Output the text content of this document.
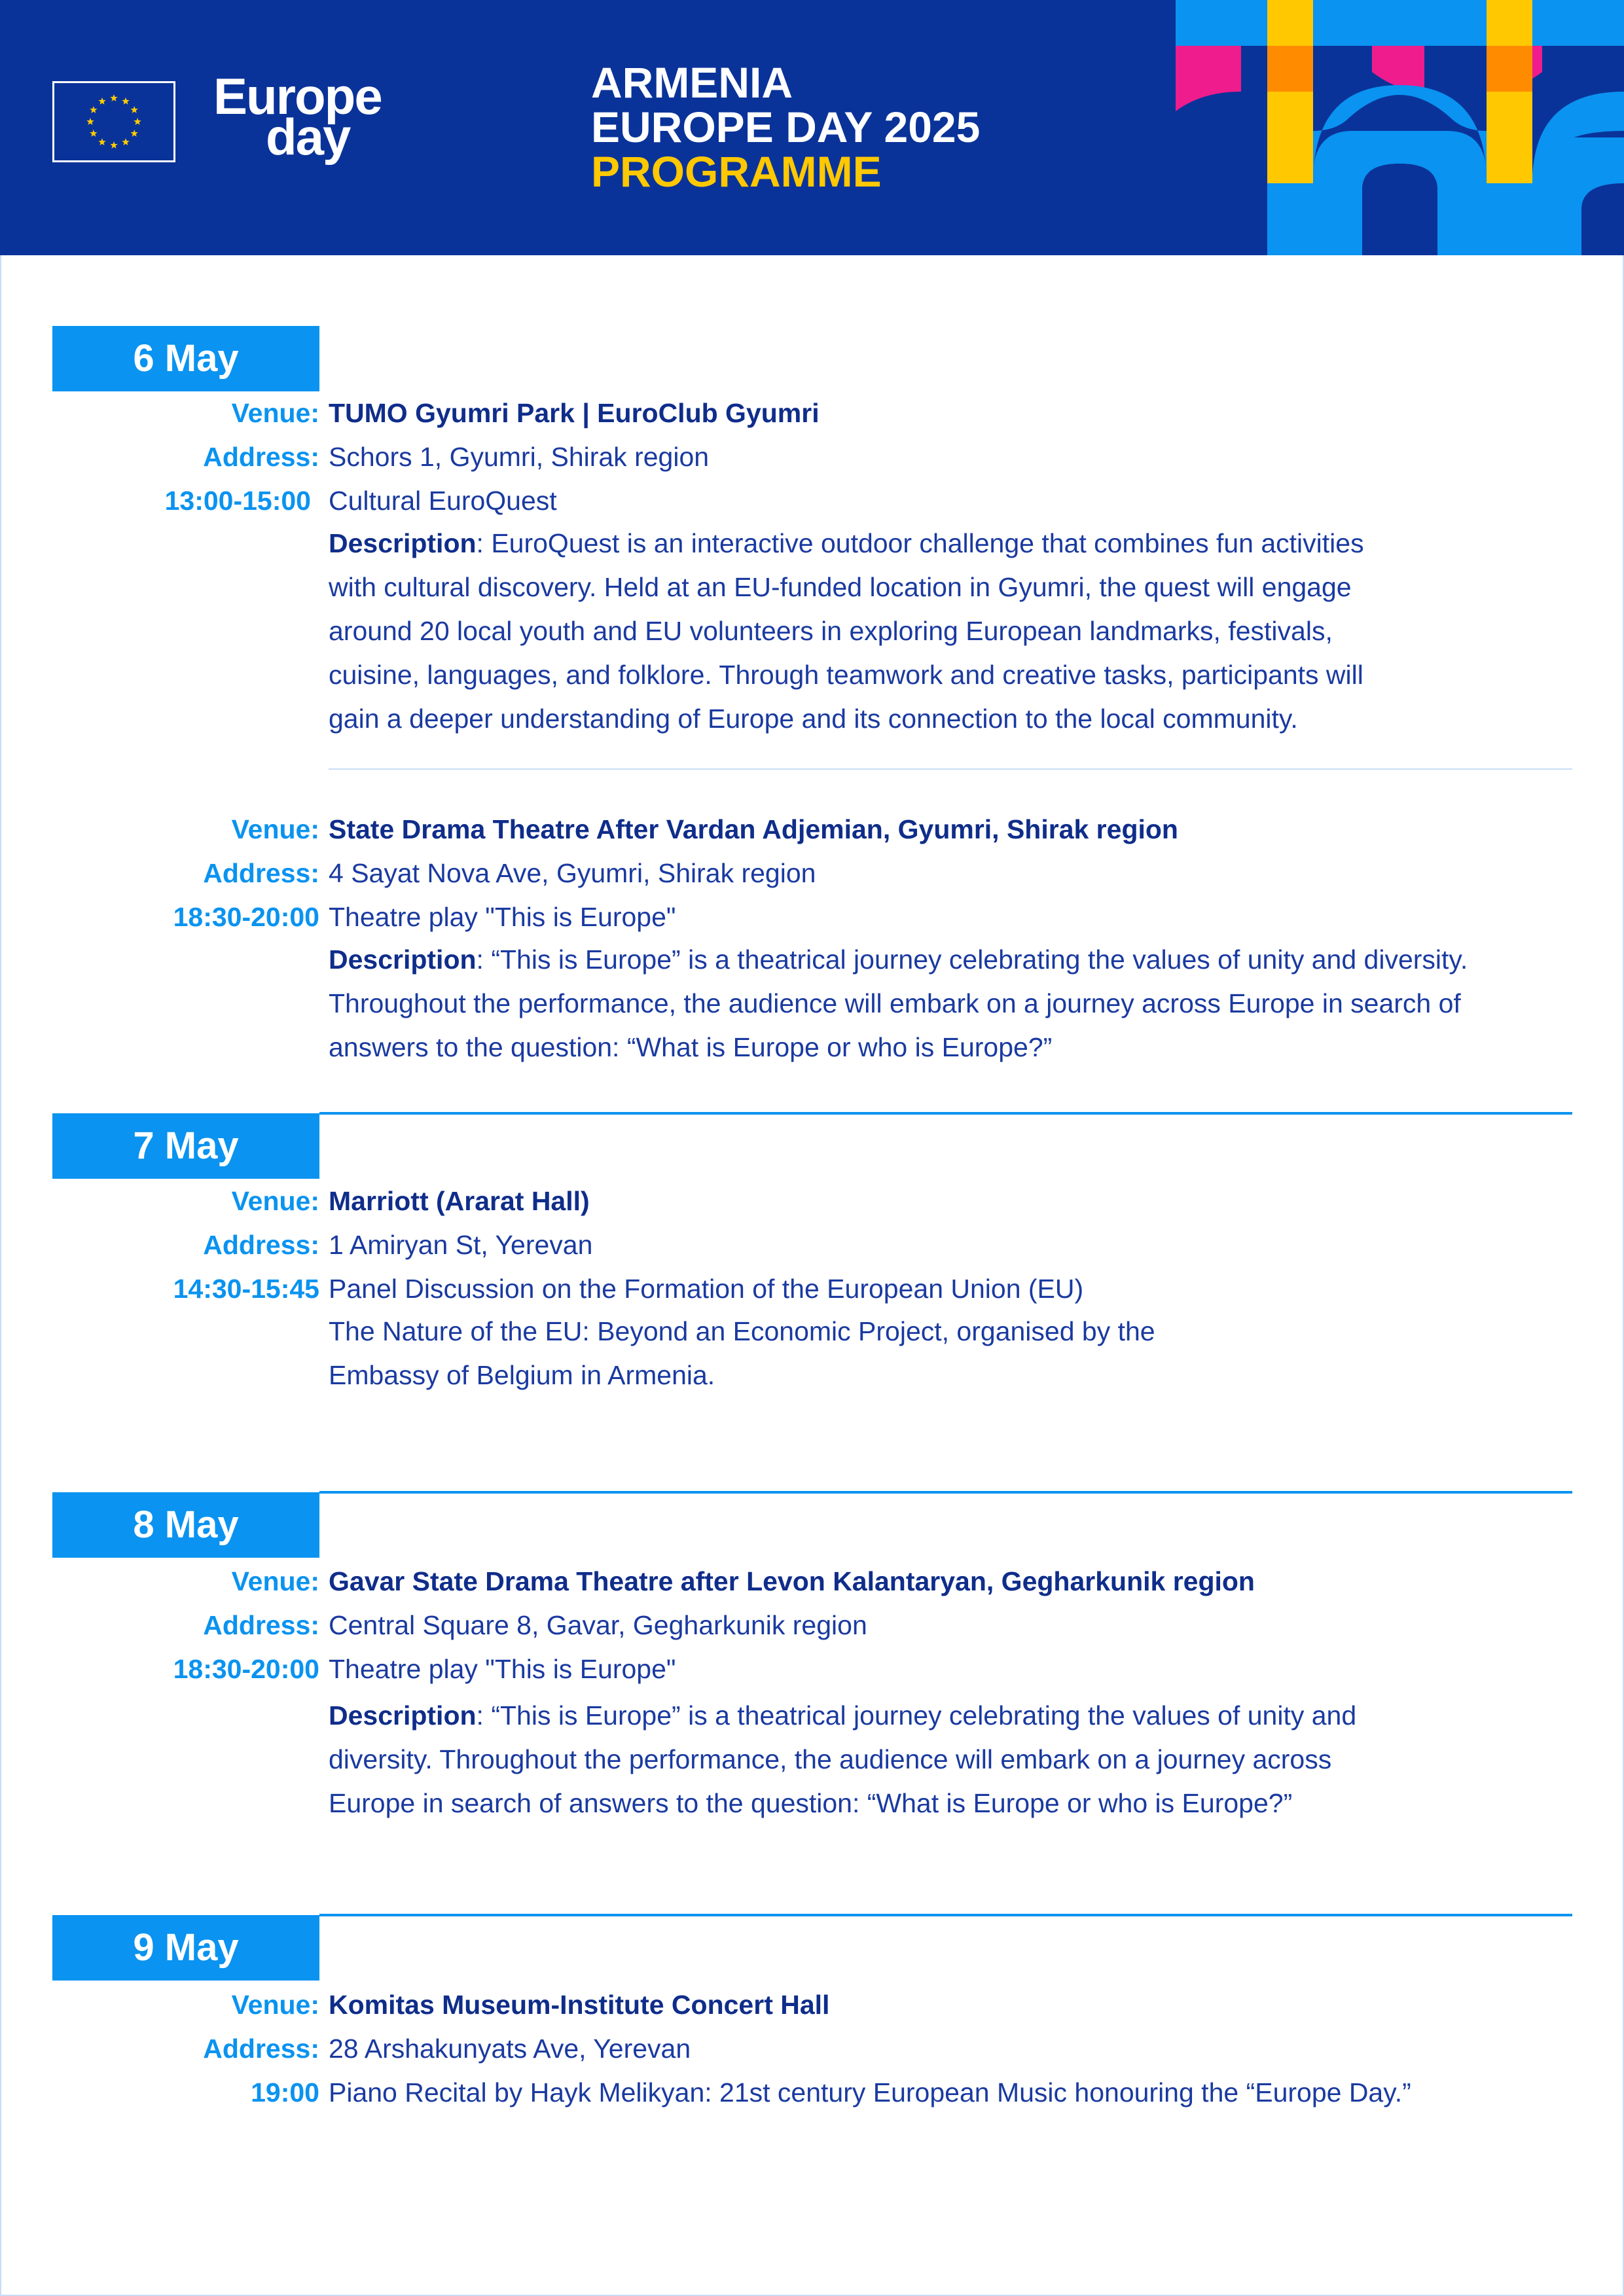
Europe
day
ARMENIA
EUROPE DAY 2025
PROGRAMME
6 May
Venue: TUMO Gyumri Park | EuroClub Gyumri
Address: Schors 1, Gyumri, Shirak region
13:00-15:00 Cultural EuroQuest
Description: EuroQuest is an interactive outdoor challenge that combines fun activities
with cultural discovery. Held at an EU-funded location in Gyumri, the quest will engage
around 20 local youth and EU volunteers in exploring European landmarks, festivals,
cuisine, languages, and folklore. Through teamwork and creative tasks, participants will
gain a deeper understanding of Europe and its connection to the local community.
Venue: State Drama Theatre After Vardan Adjemian, Gyumri, Shirak region
Address: 4 Sayat Nova Ave, Gyumri, Shirak region
18:30-20:00 Theatre play "This is Europe"
Description: “This is Europe” is a theatrical journey celebrating the values of unity and diversity.
Throughout the performance, the audience will embark on a journey across Europe in search of
answers to the question: “What is Europe or who is Europe?”
7 May
Venue: Marriott (Ararat Hall)
Address: 1 Amiryan St, Yerevan
14:30-15:45 Panel Discussion on the Formation of the European Union (EU)
The Nature of the EU: Beyond an Economic Project, organised by the
Embassy of Belgium in Armenia.
8 May
Venue: Gavar State Drama Theatre after Levon Kalantaryan, Gegharkunik region
Address: Central Square 8, Gavar, Gegharkunik region
18:30-20:00 Theatre play "This is Europe"
Description: “This is Europe” is a theatrical journey celebrating the values of unity and
diversity. Throughout the performance, the audience will embark on a journey across
Europe in search of answers to the question: “What is Europe or who is Europe?”
9 May
Venue: Komitas Museum-Institute Concert Hall
Address: 28 Arshakunyats Ave, Yerevan
19:00 Piano Recital by Hayk Melikyan: 21st century European Music honouring the “Europe Day.”
